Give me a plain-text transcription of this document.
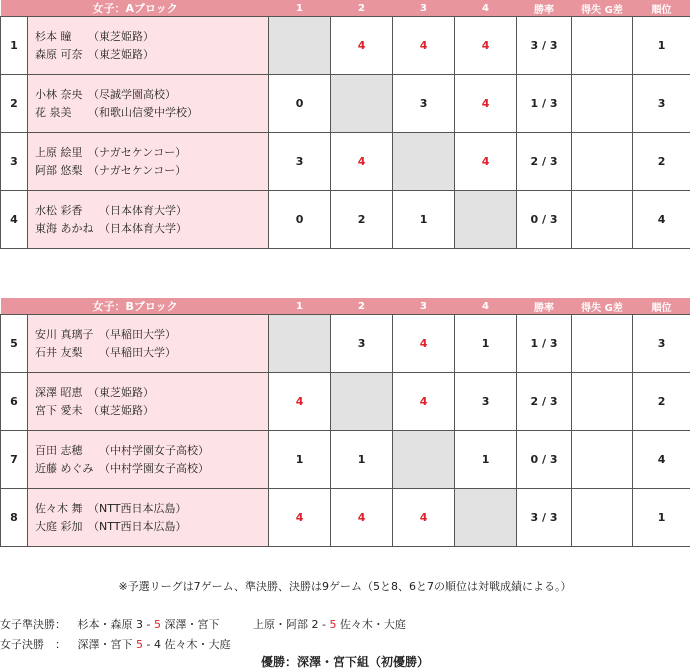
女子：Aブロック		1	2	3	4	勝率	得失 G差	順位
1	杉本 瞳　　（東芝姫路）
森原 可奈　（東芝姫路）		4	4	4	3 / 3		1
2	小林 奈央　（尽誠学園高校）
花 泉美　　（和歌山信愛中学校）	0		3	4	1 / 3		3
3	上原 絵里　（ナガセケンコー）
阿部 悠梨　（ナガセケンコー）	3	4		4	2 / 3		2
4	水松 彩香　　（日本体育大学）
東海 あかね　（日本体育大学）	0	2	1		0 / 3		4
女子：Bブロック		1	2	3	4	勝率	得失 G差	順位
5	安川 真璃子　（早稲田大学）
石井 友梨　　（早稲田大学）		3	4	1	1 / 3		3
6	深澤 昭恵　（東芝姫路）
宮下 愛未　（東芝姫路）	4		4	3	2 / 3		2
7	百田 志穂　　（中村学園女子高校）
近藤 めぐみ　（中村学園女子高校）	1	1		1	0 / 3		4
8	佐々木 舞　（NTT西日本広島）
大庭 彩加　（NTT西日本広島）	4	4	4		3 / 3		1
※予選リーグは7ゲーム、準決勝、決勝は9ゲーム（5と8、6と7の順位は対戦成績による。）
女子準決勝： 杉本・森原 3 - 5 深澤・宮下	上原・阿部 2 - 5 佐々木・大庭
女子決勝　： 深澤・宮下 5 - 4 佐々木・大庭
優勝：深澤・宮下組（初優勝）
